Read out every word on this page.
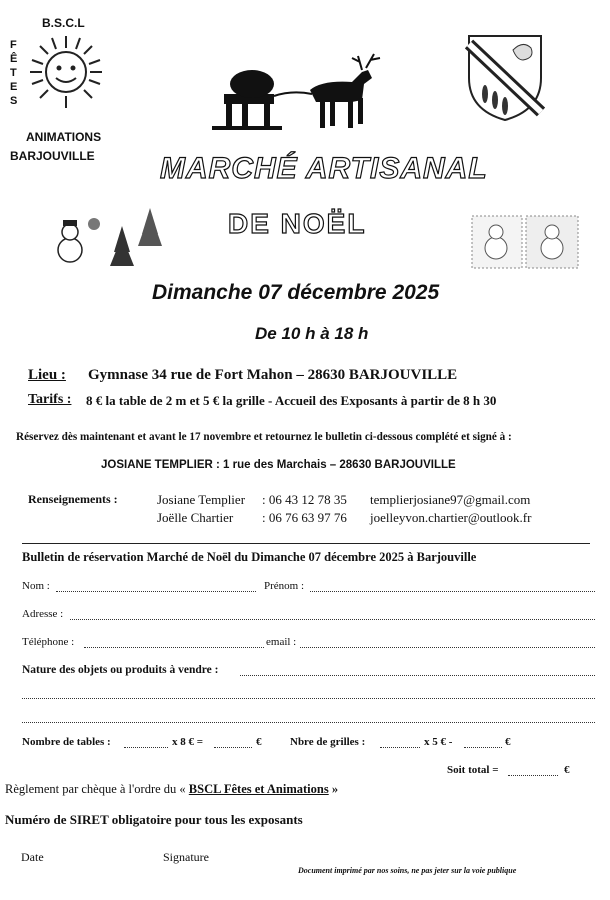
B.S.C.L
F
Ê
T
E
S
ANIMATIONS
BARJOUVILLE MARCHÉ ARTISANAL
DE NOËL
Dimanche 07 décembre 2025
De 10 h à 18 h
Lieu : Gymnase 34 rue de Fort Mahon – 28630 BARJOUVILLE
Tarifs : 8 € la table de 2 m et 5 € la grille - Accueil des Exposants à partir de 8 h 30
Réservez dès maintenant et avant le 17 novembre et retournez le bulletin ci-dessous complété et signé à :
JOSIANE TEMPLIER : 1 rue des Marchais – 28630 BARJOUVILLE
Renseignements :	Josiane Templier : 06 43 12 78 35 templierjosiane97@gmail.com
Joëlle Chartier : 06 76 63 97 76 joelleyvon.chartier@outlook.fr
Bulletin de réservation Marché de Noël du Dimanche 07 décembre 2025 à Barjouville
Nom :	Prénom :
Adresse :
Téléphone :	email :
Nature des objets ou produits à vendre :
Nombre de tables :	x 8 € =	€	Nbre de grilles :	x 5 € -	€
Soit total =	€
Règlement par chèque à l'ordre du « BSCL Fêtes et Animations »
Numéro de SIRET obligatoire pour tous les exposants
Date	Signature
Document imprimé par nos soins, ne pas jeter sur la voie publique
